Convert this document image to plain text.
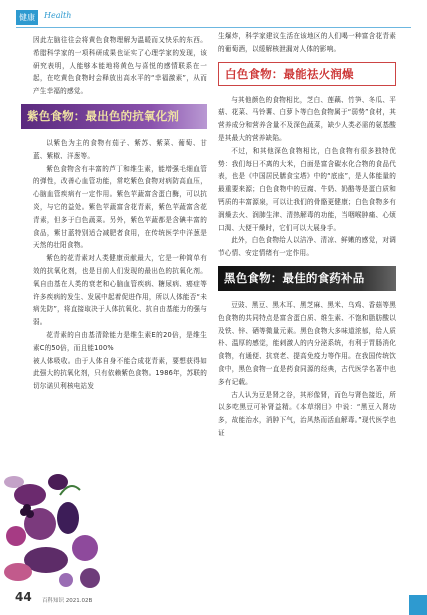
健康	Health

因此左脑往往会将黄色食物理解为温暖而又快乐的东西。希腊科学家的一项科研成果也证实了心理学家的发现，该研究表明，人能够本能地将黄色与喜悦的感情联系在一起，在吃黄色食物时会释放出高水平的“幸福激素”，从而产生幸福的感觉。

紫色食物：最出色的抗氧化剂

以紫色为主的食物有茄子、紫苏、紫菜、葡萄、甘蓝、紫椒、洋葱等。

紫色食物含有丰富的芦丁和维生素，能增强毛细血管的弹性，改善心血管功能，常吃紫色食物对病防高血压，心脑血管疾病有一定作用。紫色苹蔬富含蛋白酶，可以抗炎，与它的益处。紫色苹蔬富含花青素，紫色苹蔬富含花青素，但多于白色蔬菜。另外，紫色苹蔬都是含碘丰富的食品，紫甘蓝特别适合减肥者食用，在传统医学中洋葱是天然的壮阳食物。

紫色的花青素对人类健康贡献最大，它是一种简单有效的抗氧化剂，也是目前人们发现的最出色的抗氧化剂。氧自由基在人类的衰老和心脑血管疾病、糖尿病、癌症等许多疾病的发生、发展中起着促进作用，所以人体能否“未病先防”，将直接取决于人体抗氧化、抗自由基能力的强与弱。

花青素的自由基清除能力是维生素E的20倍，是维生素C的50倍，而且能100%

被人体吸收。由于人体自身不能合成花青素，要想获得如此强大的抗氧化剂，只有依赖紫色食物。1986年，苏联的切尔诺贝利核电站发

生爆炸，科学家建议生活在该地区的人们喝一种富含花青素的葡萄酒，以缓解核泄漏对人体的影响。

白色食物：最能祛火润燥

与其他颜色的食物相比，芝白、莲藕、竹笋、冬瓜、平菇、花菜、马铃薯、白萝卜等白色食物属于“弱势”食材，其营养成分和营养含量不及深色蔬菜，缺少人类必需的氨基酸是其最大的营养缺陷。

不过，和其他深色食物相比，白色食物有很多独特优势：我们每日不离的大米，白面是富含碳水化合物的食品代表，也是《中国居民膳食宝塔》中的“底座”，是人体能量的最重要来源；白色食物中的豆腐、牛奶、奶酪等是蛋白质和钙质的丰富源泉，可以让我们的骨骼更健康；白色食物多有润燥去火、润肺生津、清热解毒的功能，当咽喉肿痛、心烦口渴、大便干燥时，它们可以大展身手。

此外，白色食物给人以洁净、清凉、鲜嫩的感觉，对调节心情、安定情绪有一定作用。

黑色食物：最佳的食药补品

豆豉、黑豆、黑木耳、黑芝麻、黑米、乌鸡、香菇等黑色食物的共同特点是富含蛋白质、维生素、不饱和脂肪酸以及铁、锌、硒等微量元素。黑色食物大多味道浓郁，给人质朴、温厚的感觉，能刺激人的内分泌系统，有利于胃肠消化食物，有通便、抗衰老、提高免疫力等作用。在我国传统饮食中，黑色食物一直是药食同源的经典，古代医学名著中也多有记载。

古人认为豆是肾之谷，其形像肾，而色与肾色接近，所以多吃黑豆可补肾益精。《本草纲目》中说：“黑豆入肾功多，故能治水，消肿下气，治风热而活血解毒。”现代医学也证

44 百科知识 2021.02B
